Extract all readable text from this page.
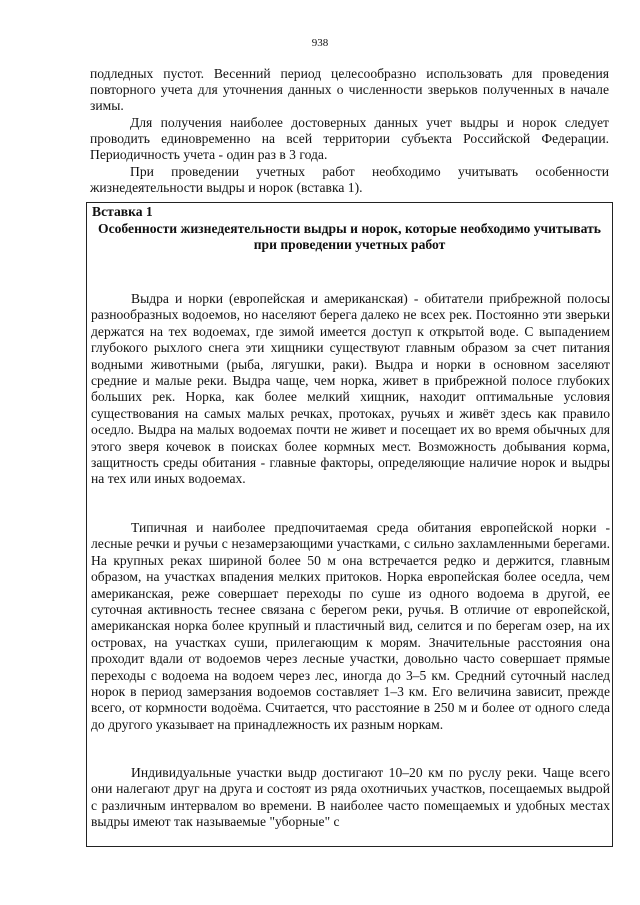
938

подледных пустот. Весенний период целесообразно использовать для проведения повторного учета для уточнения данных о численности зверьков полученных в начале зимы.

Для получения наиболее достоверных данных учет выдры и норок следует проводить единовременно на всей территории субъекта Российской Федерации. Периодичность учета - один раз в 3 года.

При проведении учетных работ необходимо учитывать особенности жизнедеятельности выдры и норок (вставка 1).

Вставка 1
Особенности жизнедеятельности выдры и норок, которые необходимо учитывать
при проведении учетных работ

Выдра и норки (европейская и американская) - обитатели прибрежной полосы разнообразных водоемов, но населяют берега далеко не всех рек. Постоянно эти зверьки держатся на тех водоемах, где зимой имеется доступ к открытой воде. С выпадением глубокого рыхлого снега эти хищники существуют главным образом за счет питания водными животными (рыба, лягушки, раки). Выдра и норки в основном заселяют средние и малые реки. Выдра чаще, чем норка, живет в прибрежной полосе глубоких больших рек. Норка, как более мелкий хищник, находит оптимальные условия существования на самых малых речках, протоках, ручьях и живёт здесь как правило оседло. Выдра на малых водоемах почти не живет и посещает их во время обычных для этого зверя кочевок в поисках более кормных мест. Возможность добывания корма, защитность среды обитания - главные факторы, определяющие наличие норок и выдры на тех или иных водоемах.

Типичная и наиболее предпочитаемая среда обитания европейской норки - лесные речки и ручьи с незамерзающими участками, с сильно захламленными берегами. На крупных реках шириной более 50 м она встречается редко и держится, главным образом, на участках впадения мелких притоков. Норка европейская более оседла, чем американская, реже совершает переходы по суше из одного водоема в другой, ее суточная активность теснее связана с берегом реки, ручья. В отличие от европейской, американская норка более крупный и пластичный вид, селится и по берегам озер, на их островах, на участках суши, прилегающим к морям. Значительные расстояния она проходит вдали от водоемов через лесные участки, довольно часто совершает прямые переходы с водоема на водоем через лес, иногда до 3–5 км. Средний суточный наслед норок в период замерзания водоемов составляет 1–3 км. Его величина зависит, прежде всего, от кормности водоёма. Считается, что расстояние в 250 м и более от одного следа до другого указывает на принадлежность их разным норкам.

Индивидуальные участки выдр достигают 10–20 км по руслу реки. Чаще всего они налегают друг на друга и состоят из ряда охотничьих участков, посещаемых выдрой с различным интервалом во времени. В наиболее часто помещаемых и удобных местах выдры имеют так называемые "уборные" с
